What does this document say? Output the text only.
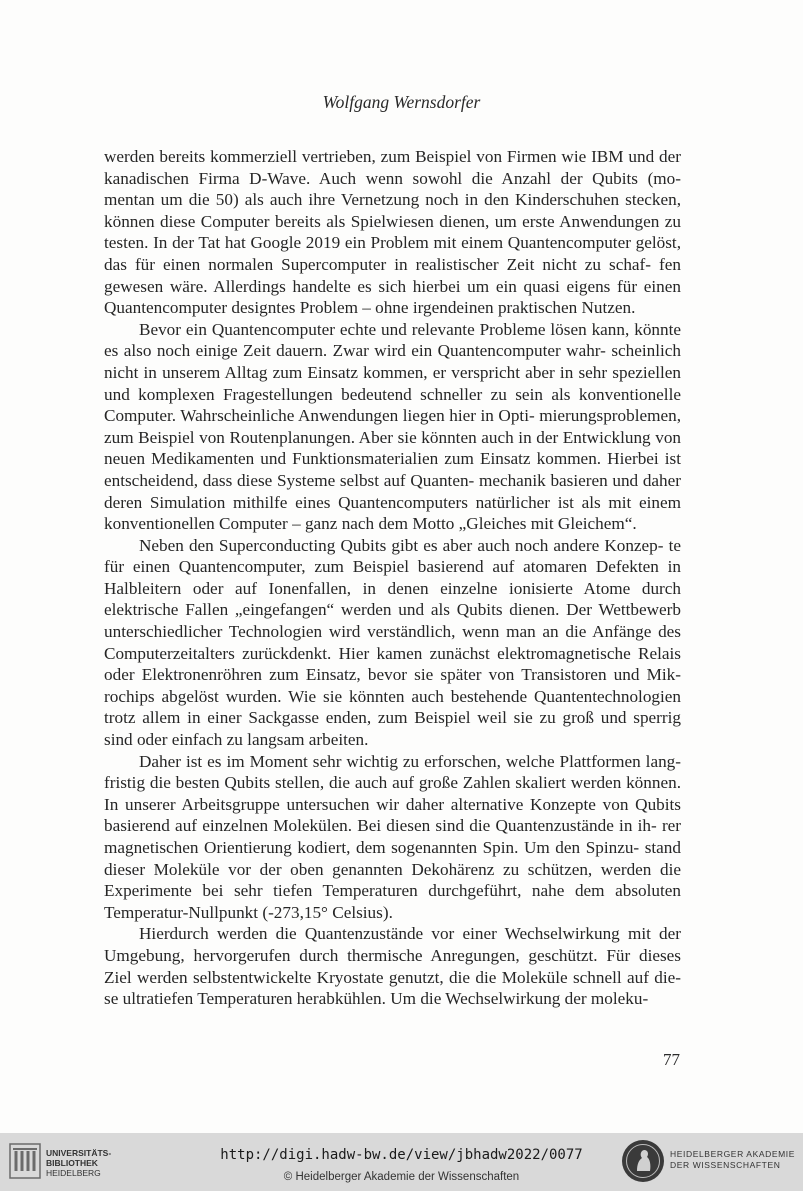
Wolfgang Wernsdorfer

werden bereits kommerziell vertrieben, zum Beispiel von Firmen wie IBM und der kanadischen Firma D-Wave. Auch wenn sowohl die Anzahl der Qubits (mo- mentan um die 50) als auch ihre Vernetzung noch in den Kinderschuhen stecken, können diese Computer bereits als Spielwiesen dienen, um erste Anwendungen zu testen. In der Tat hat Google 2019 ein Problem mit einem Quantencomputer gelöst, das für einen normalen Supercomputer in realistischer Zeit nicht zu schaf- fen gewesen wäre. Allerdings handelte es sich hierbei um ein quasi eigens für einen Quantencomputer designtes Problem – ohne irgendeinen praktischen Nutzen.

Bevor ein Quantencomputer echte und relevante Probleme lösen kann, könnte es also noch einige Zeit dauern. Zwar wird ein Quantencomputer wahr- scheinlich nicht in unserem Alltag zum Einsatz kommen, er verspricht aber in sehr speziellen und komplexen Fragestellungen bedeutend schneller zu sein als konventionelle Computer. Wahrscheinliche Anwendungen liegen hier in Opti- mierungsproblemen, zum Beispiel von Routenplanungen. Aber sie könnten auch in der Entwicklung von neuen Medikamenten und Funktionsmaterialien zum Einsatz kommen. Hierbei ist entscheidend, dass diese Systeme selbst auf Quanten- mechanik basieren und daher deren Simulation mithilfe eines Quantencomputers natürlicher ist als mit einem konventionellen Computer – ganz nach dem Motto „Gleiches mit Gleichem“.

Neben den Superconducting Qubits gibt es aber auch noch andere Konzep- te für einen Quantencomputer, zum Beispiel basierend auf atomaren Defekten in Halbleitern oder auf Ionenfallen, in denen einzelne ionisierte Atome durch elektrische Fallen „eingefangen“ werden und als Qubits dienen. Der Wettbewerb unterschiedlicher Technologien wird verständlich, wenn man an die Anfänge des Computerzeitalters zurückdenkt. Hier kamen zunächst elektromagnetische Relais oder Elektronenröhren zum Einsatz, bevor sie später von Transistoren und Mik- rochips abgelöst wurden. Wie sie könnten auch bestehende Quantentechnologien trotz allem in einer Sackgasse enden, zum Beispiel weil sie zu groß und sperrig sind oder einfach zu langsam arbeiten.

Daher ist es im Moment sehr wichtig zu erforschen, welche Plattformen lang- fristig die besten Qubits stellen, die auch auf große Zahlen skaliert werden können. In unserer Arbeitsgruppe untersuchen wir daher alternative Konzepte von Qubits basierend auf einzelnen Molekülen. Bei diesen sind die Quantenzustände in ih- rer magnetischen Orientierung kodiert, dem sogenannten Spin. Um den Spinzu- stand dieser Moleküle vor der oben genannten Dekohärenz zu schützen, werden die Experimente bei sehr tiefen Temperaturen durchgeführt, nahe dem absoluten Temperatur-Nullpunkt (-273,15° Celsius).

Hierdurch werden die Quantenzustände vor einer Wechselwirkung mit der Umgebung, hervorgerufen durch thermische Anregungen, geschützt. Für dieses Ziel werden selbstentwickelte Kryostate genutzt, die die Moleküle schnell auf die- se ultratiefen Temperaturen herabkühlen. Um die Wechselwirkung der moleku-

77
UNIVERSITÄTS-
BIBLIOTHEK
HEIDELBERG
http://digi.hadw-bw.de/view/jbhadw2022/0077
© Heidelberger Akademie der Wissenschaften
HEIDELBERGER AKADEMIE
DER WISSENSCHAFTEN
